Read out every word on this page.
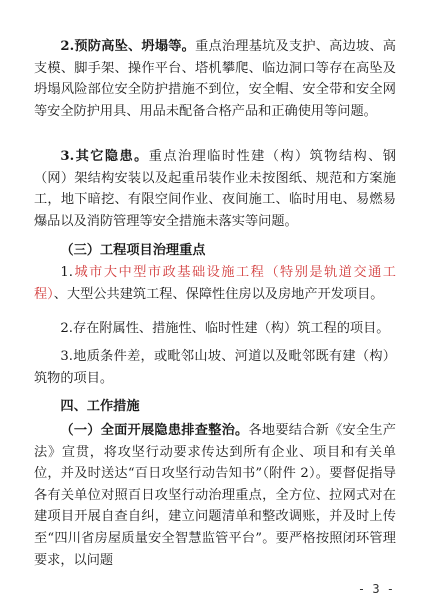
2.预防高坠、坍塌等。重点治理基坑及支护、高边坡、高支模、脚手架、操作平台、塔机攀爬、临边洞口等存在高坠及坍塌风险部位安全防护措施不到位，安全帽、安全带和安全网等安全防护用具、用品未配备合格产品和正确使用等问题。
3.其它隐患。重点治理临时性建（构）筑物结构、钢（网）架结构安装以及起重吊装作业未按图纸、规范和方案施工，地下暗挖、有限空间作业、夜间施工、临时用电、易燃易爆品以及消防管理等安全措施未落实等问题。
（三）工程项目治理重点
1.城市大中型市政基础设施工程（特别是轨道交通工程）、大型公共建筑工程、保障性住房以及房地产开发项目。
2.存在附属性、措施性、临时性建（构）筑工程的项目。
3.地质条件差，或毗邻山坡、河道以及毗邻既有建（构）筑物的项目。
四、工作措施
（一）全面开展隐患排查整治。各地要结合新《安全生产法》宣贯，将攻坚行动要求传达到所有企业、项目和有关单位，并及时送达“百日攻坚行动告知书”（附件 2）。要督促指导各有关单位对照百日攻坚行动治理重点，全方位、拉网式对在建项目开展自查自纠，建立问题清单和整改调账，并及时上传至“四川省房屋质量安全智慧监管平台”。要严格按照闭环管理要求，以问题
- 3 -
